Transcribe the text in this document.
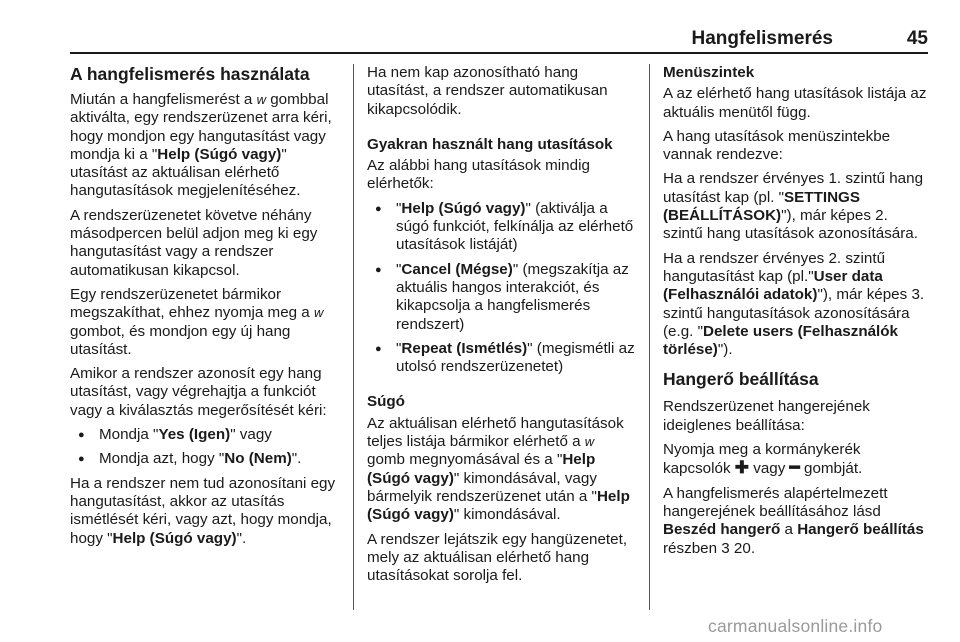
Hangfelismerés	45
A hangfelismerés használata

Miután a hangfelismerést a w gombbal aktiválta, egy rendszerüzenet arra kéri, hogy mondjon egy hangutasítást vagy mondja ki a "Help (Súgó vagy)" utasítást az aktuálisan elérhető hangutasítások megjelenítéséhez.

A rendszerüzenetet követve néhány másodpercen belül adjon meg ki egy hangutasítást vagy a rendszer automatikusan kikapcsol.

Egy rendszerüzenetet bármikor megszakíthat, ehhez nyomja meg a w gombot, és mondjon egy új hang utasítást.

Amikor a rendszer azonosít egy hang utasítást, vagy végrehajtja a funkciót vagy a kiválasztás megerősítését kéri:

● Mondja "Yes (Igen)" vagy
● Mondja azt, hogy "No (Nem)".

Ha a rendszer nem tud azonosítani egy hangutasítást, akkor az utasítás ismétlését kéri, vagy azt, hogy mondja, hogy "Help (Súgó vagy)".

Ha nem kap azonosítható hang utasítást, a rendszer automatikusan kikapcsolódik.

Gyakran használt hang utasítások

Az alábbi hang utasítások mindig elérhetők:

● "Help (Súgó vagy)" (aktiválja a súgó funkciót, felkínálja az elérhető utasítások listáját)
● "Cancel (Mégse)" (megszakítja az aktuális hangos interakciót, és kikapcsolja a hangfelismerés rendszert)
● "Repeat (Ismétlés)" (megismétli az utolsó rendszerüzenetet)
Súgó

Az aktuálisan elérhető hangutasítások teljes listája bármikor elérhető a w gomb megnyomásával és a "Help (Súgó vagy)" kimondásával, vagy bármelyik rendszerüzenet után a "Help (Súgó vagy)" kimondásával.

A rendszer lejátszik egy hangüzenetet, mely az aktuálisan elérhető hang utasításokat sorolja fel.

Menüszintek

A az elérhető hang utasítások listája az aktuális menütől függ.

A hang utasítások menüszintekbe vannak rendezve:

Ha a rendszer érvényes 1. szintű hang utasítást kap (pl. "SETTINGS (BEÁLLÍTÁSOK)"), már képes 2. szintű hang utasítások azonosítására.

Ha a rendszer érvényes 2. szintű hangutasítást kap (pl."User data (Felhasználói adatok)"), már képes 3. szintű hangutasítások azonosítására (e.g. "Delete users (Felhasználók törlése)").

Hangerő beállítása

Rendszerüzenet hangerejének ideiglenes beállítása:

Nyomja meg a kormánykerék kapcsolók ✚ vagy ━ gombját.

A hangfelismerés alapértelmezett hangerejének beállításához lásd Beszéd hangerő a Hangerő beállítás részben 3 20.

carmanualsonline.info
